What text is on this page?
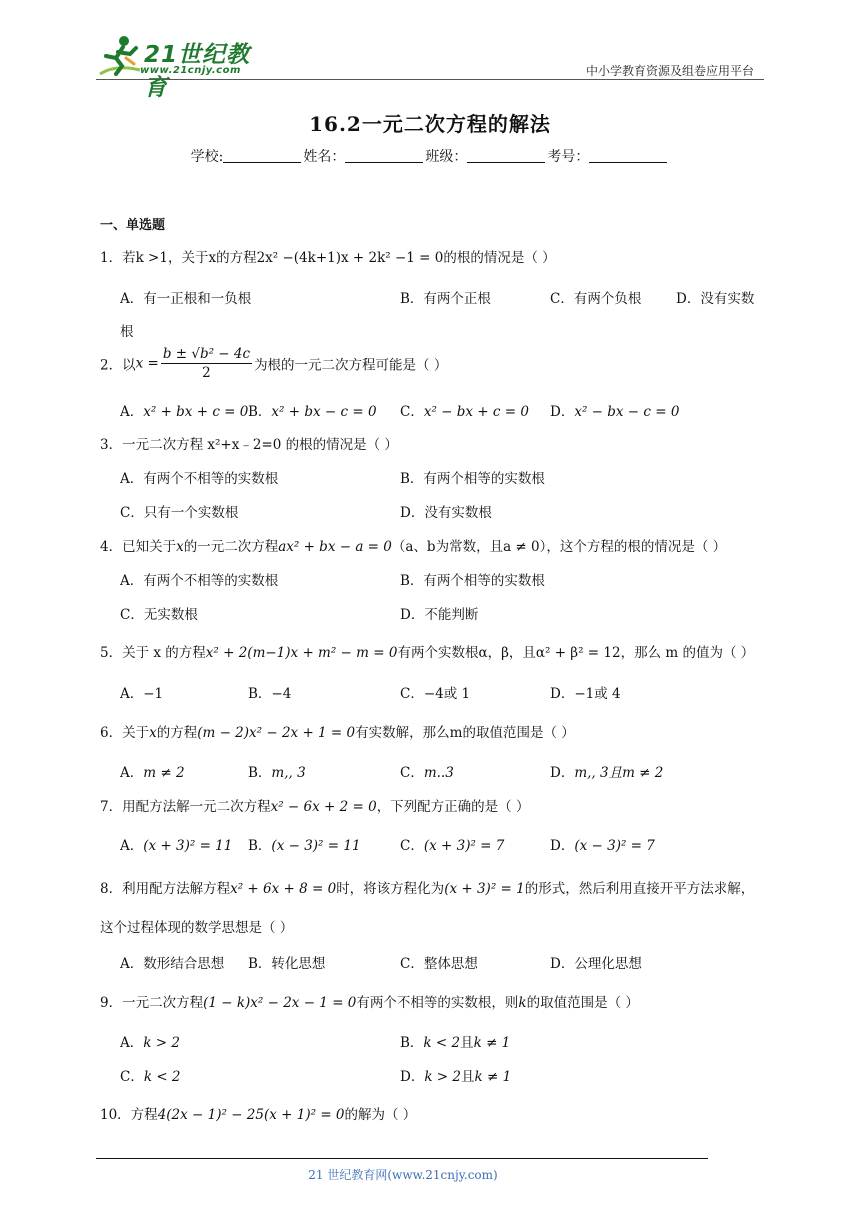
21世纪教育
www.21cnjy.com	中小学教育资源及组卷应用平台
16.2一元二次方程的解法
学校:	姓名：	班级：	考号：
一、单选题
1．若k >1，关于x的方程2x² −(4k+1)x + 2k² −1 = 0的根的情况是（ ）
A．有一正根和一负根	B．有两个正根	C．有两个负根	D．没有实数
根
2．以$x = \frac{\text{b ± √b² − 4c}}{2}$ 为根的一元二次方程可能是（ ）
A．x² + bx + c = 0 B．x² + bx − c = 0 C．x² − bx + c = 0 D．x² − bx − c = 0
3．一元二次方程 x²+x﹣2=0 的根的情况是（ ）
A．有两个不相等的实数根	B．有两个相等的实数根
C．只有一个实数根	D．没有实数根
4．已知关于x的一元二次方程ax² + bx − a = 0（a、b为常数，且a ≠ 0），这个方程的根的情况是（ ）
A．有两个不相等的实数根	B．有两个相等的实数根
C．无实数根	D．不能判断
5．关于 x 的方程x² + 2(m−1)x + m² − m = 0有两个实数根α，β，且α² + β² = 12，那么 m 的值为（ ）
A．−1	B．−4	C．−4或 1	D．−1或 4
6．关于x的方程(m − 2)x² − 2x + 1 = 0有实数解，那么m的取值范围是（ ）
A．m ≠ 2	B．m,, 3	C．m..3	D．m,, 3且m ≠ 2
7．用配方法解一元二次方程x² − 6x + 2 = 0，下列配方正确的是（ ）
A．(x + 3)² = 11 B．(x − 3)² = 11	C．(x + 3)² = 7	D．(x − 3)² = 7
8．利用配方法解方程x² + 6x + 8 = 0时，将该方程化为(x + 3)² = 1的形式，然后利用直接开平方法求解，
这个过程体现的数学思想是（ ）
A．数形结合思想 B．转化思想	C．整体思想	D．公理化思想
9．一元二次方程(1 − k)x² − 2x − 1 = 0有两个不相等的实数根，则k的取值范围是（ ）
A．k > 2	B．k < 2且k ≠ 1
C．k < 2	D．k > 2且k ≠ 1
10．方程4(2x − 1)² − 25(x + 1)² = 0的解为（ ）
21 世纪教育网(www.21cnjy.com)
